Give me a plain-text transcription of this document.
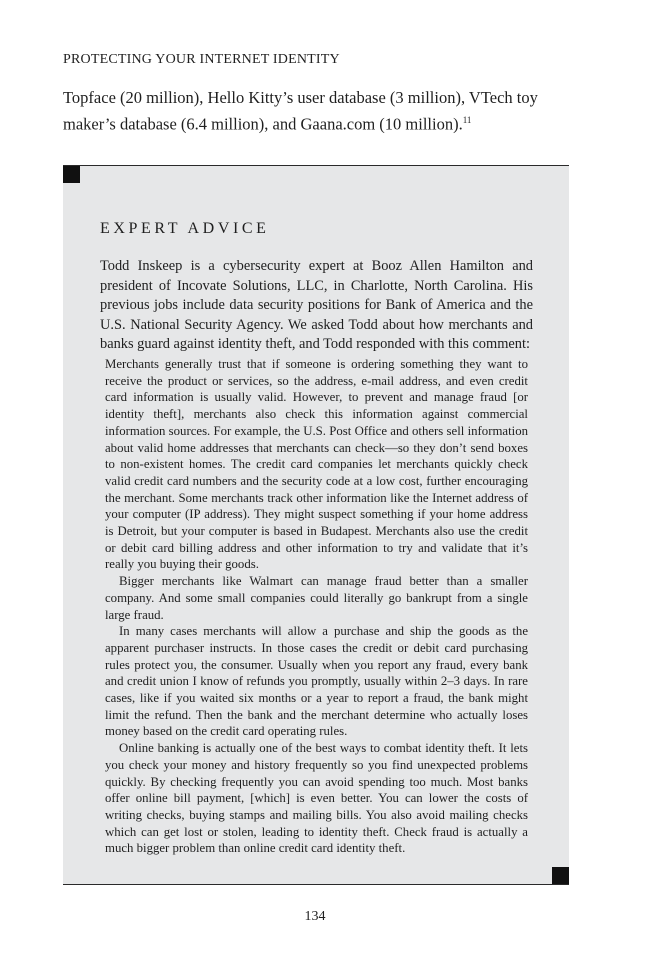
PROTECTING YOUR INTERNET IDENTITY
Topface (20 million), Hello Kitty’s user database (3 million), VTech toy maker’s database (6.4 million), and Gaana.com (10 million).$^{11}$
EXPERT ADVICE
Todd Inskeep is a cybersecurity expert at Booz Allen Hamilton and president of Incovate Solutions, LLC, in Charlotte, North Carolina. His previous jobs include data security positions for Bank of America and the U.S. National Security Agency. We asked Todd about how merchants and banks guard against identity theft, and Todd responded with this comment:

Merchants generally trust that if someone is ordering something they want to receive the product or services, so the address, e-mail address, and even credit card information is usually valid. However, to prevent and manage fraud [or identity theft], merchants also check this information against commercial information sources. For example, the U.S. Post Office and others sell information about valid home addresses that merchants can check—so they don’t send boxes to non-existent homes. The credit card companies let merchants quickly check valid credit card numbers and the security code at a low cost, further encouraging the merchant. Some merchants track other information like the Internet address of your computer (IP address). They might suspect something if your home address is Detroit, but your computer is based in Budapest. Merchants also use the credit or debit card billing address and other information to try and validate that it’s really you buying their goods.

Bigger merchants like Walmart can manage fraud better than a smaller company. And some small companies could literally go bankrupt from a single large fraud.

In many cases merchants will allow a purchase and ship the goods as the apparent purchaser instructs. In those cases the credit or debit card purchasing rules protect you, the consumer. Usually when you report any fraud, every bank and credit union I know of refunds you promptly, usually within 2–3 days. In rare cases, like if you waited six months or a year to report a fraud, the bank might limit the refund. Then the bank and the merchant determine who actually loses money based on the credit card operating rules.

Online banking is actually one of the best ways to combat identity theft. It lets you check your money and history frequently so you find unexpected problems quickly. By checking frequently you can avoid spending too much. Most banks offer online bill payment, [which] is even better. You can lower the costs of writing checks, buying stamps and mailing bills. You also avoid mailing checks which can get lost or stolen, leading to identity theft. Check fraud is actually a much bigger problem than online credit card identity theft.

134
